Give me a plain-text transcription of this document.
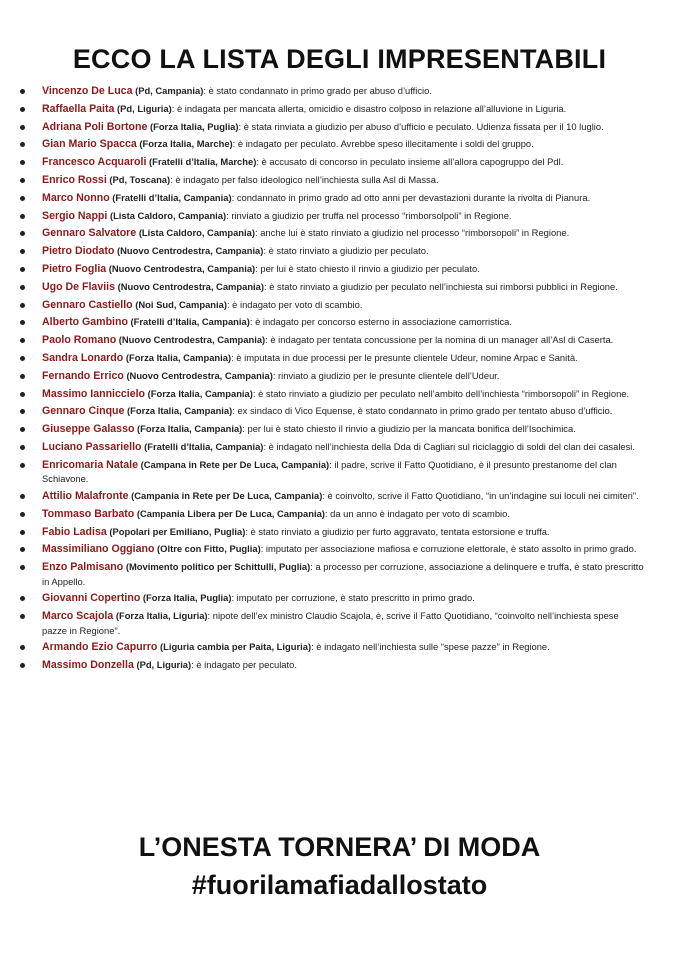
ECCO LA LISTA DEGLI IMPRESENTABILI
Vincenzo De Luca (Pd, Campania): è stato condannato in primo grado per abuso d’ufficio.
Raffaella Paita (Pd, Liguria): è indagata per mancata allerta, omicidio e disastro colposo in relazione all’alluvione in Liguria.
Adriana Poli Bortone (Forza Italia, Puglia): è stata rinviata a giudizio per abuso d’ufficio e peculato. Udienza fissata per il 10 luglio.
Gian Mario Spacca (Forza Italia, Marche): è indagato per peculato. Avrebbe speso illecitamente i soldi del gruppo.
Francesco Acquaroli (Fratelli d’Italia, Marche): è accusato di concorso in peculato insieme all’allora capogruppo del Pdl.
Enrico Rossi (Pd, Toscana): è indagato per falso ideologico nell’inchiesta sulla Asl di Massa.
Marco Nonno (Fratelli d’Italia, Campania): condannato in primo grado ad otto anni per devastazioni durante la rivolta di Pianura.
Sergio Nappi (Lista Caldoro, Campania): rinviato a giudizio per truffa nel processo “rimborsolpoli” in Regione.
Gennaro Salvatore (Lista Caldoro, Campania): anche lui è stato rinviato a giudizio nel processo “rimborsopoli” in Regione.
Pietro Diodato (Nuovo Centrodestra, Campania): è stato rinviato a giudizio per peculato.
Pietro Foglia (Nuovo Centrodestra, Campania): per lui è stato chiesto il rinvio a giudizio per peculato.
Ugo De Flaviis (Nuovo Centrodestra, Campania): è stato rinviato a giudizio per peculato nell’inchiesta sui rimborsi pubblici in Regione.
Gennaro Castiello (Noi Sud, Campania): è indagato per voto di scambio.
Alberto Gambino (Fratelli d’Italia, Campania): è indagato per concorso esterno in associazione camorristica.
Paolo Romano (Nuovo Centrodestra, Campania): è indagato per tentata concussione per la nomina di un manager all’Asl di Caserta.
Sandra Lonardo (Forza Italia, Campania): è imputata in due processi per le presunte clientele Udeur, nomine Arpac e Sanità.
Fernando Errico (Nuovo Centrodestra, Campania): rinviato a giudizio per le presunte clientele dell’Udeur.
Massimo Ianniccielo (Forza Italia, Campania): è stato rinviato a giudizio per peculato nell’ambito dell’inchiesta “rimborsopoli” in Regione.
Gennaro Cinque (Forza Italia, Campania): ex sindaco di Vico Equense, è stato condannato in primo grado per tentato abuso d’ufficio.
Giuseppe Galasso (Forza Italia, Campania): per lui è stato chiesto il rinvio a giudizio per la mancata bonifica dell’Isochimica.
Luciano Passariello (Fratelli d’Italia, Campania): è indagato nell’inchiesta della Dda di Cagliari sul riciclaggio di soldi del clan dei casalesi.
Enricomaria Natale (Campana in Rete per De Luca, Campania): il padre, scrive il Fatto Quotidiano, è il presunto prestanome del clan Schiavone.
Attilio Malafronte (Campania in Rete per De Luca, Campania): è coinvolto, scrive il Fatto Quotidiano, “in un’indagine sui loculi nei cimiteri”.
Tommaso Barbato (Campania Libera per De Luca, Campania): da un anno è indagato per voto di scambio.
Fabio Ladisa (Popolari per Emiliano, Puglia): è stato rinviato a giudizio per furto aggravato, tentata estorsione e truffa.
Massimiliano Oggiano (Oltre con Fitto, Puglia): imputato per associazione mafiosa e corruzione elettorale, è stato assolto in primo grado.
Enzo Palmisano (Movimento politico per Schittulli, Puglia): a processo per corruzione, associazione a delinquere e truffa, è stato prescritto in Appello.
Giovanni Copertino (Forza Italia, Puglia): imputato per corruzione, è stato prescritto in primo grado.
Marco Scajola (Forza Italia, Liguria): nipote dell’ex ministro Claudio Scajola, è, scrive il Fatto Quotidiano, “coinvolto nell’inchiesta spese pazze in Regione”.
Armando Ezio Capurro (Liguria cambia per Paita, Liguria): è indagato nell’inchiesta sulle “spese pazze” in Regione.
Massimo Donzella (Pd, Liguria): è indagato per peculato.
L’ONESTA TORNERA’ DI MODA
#fuorilamafiadallostato
